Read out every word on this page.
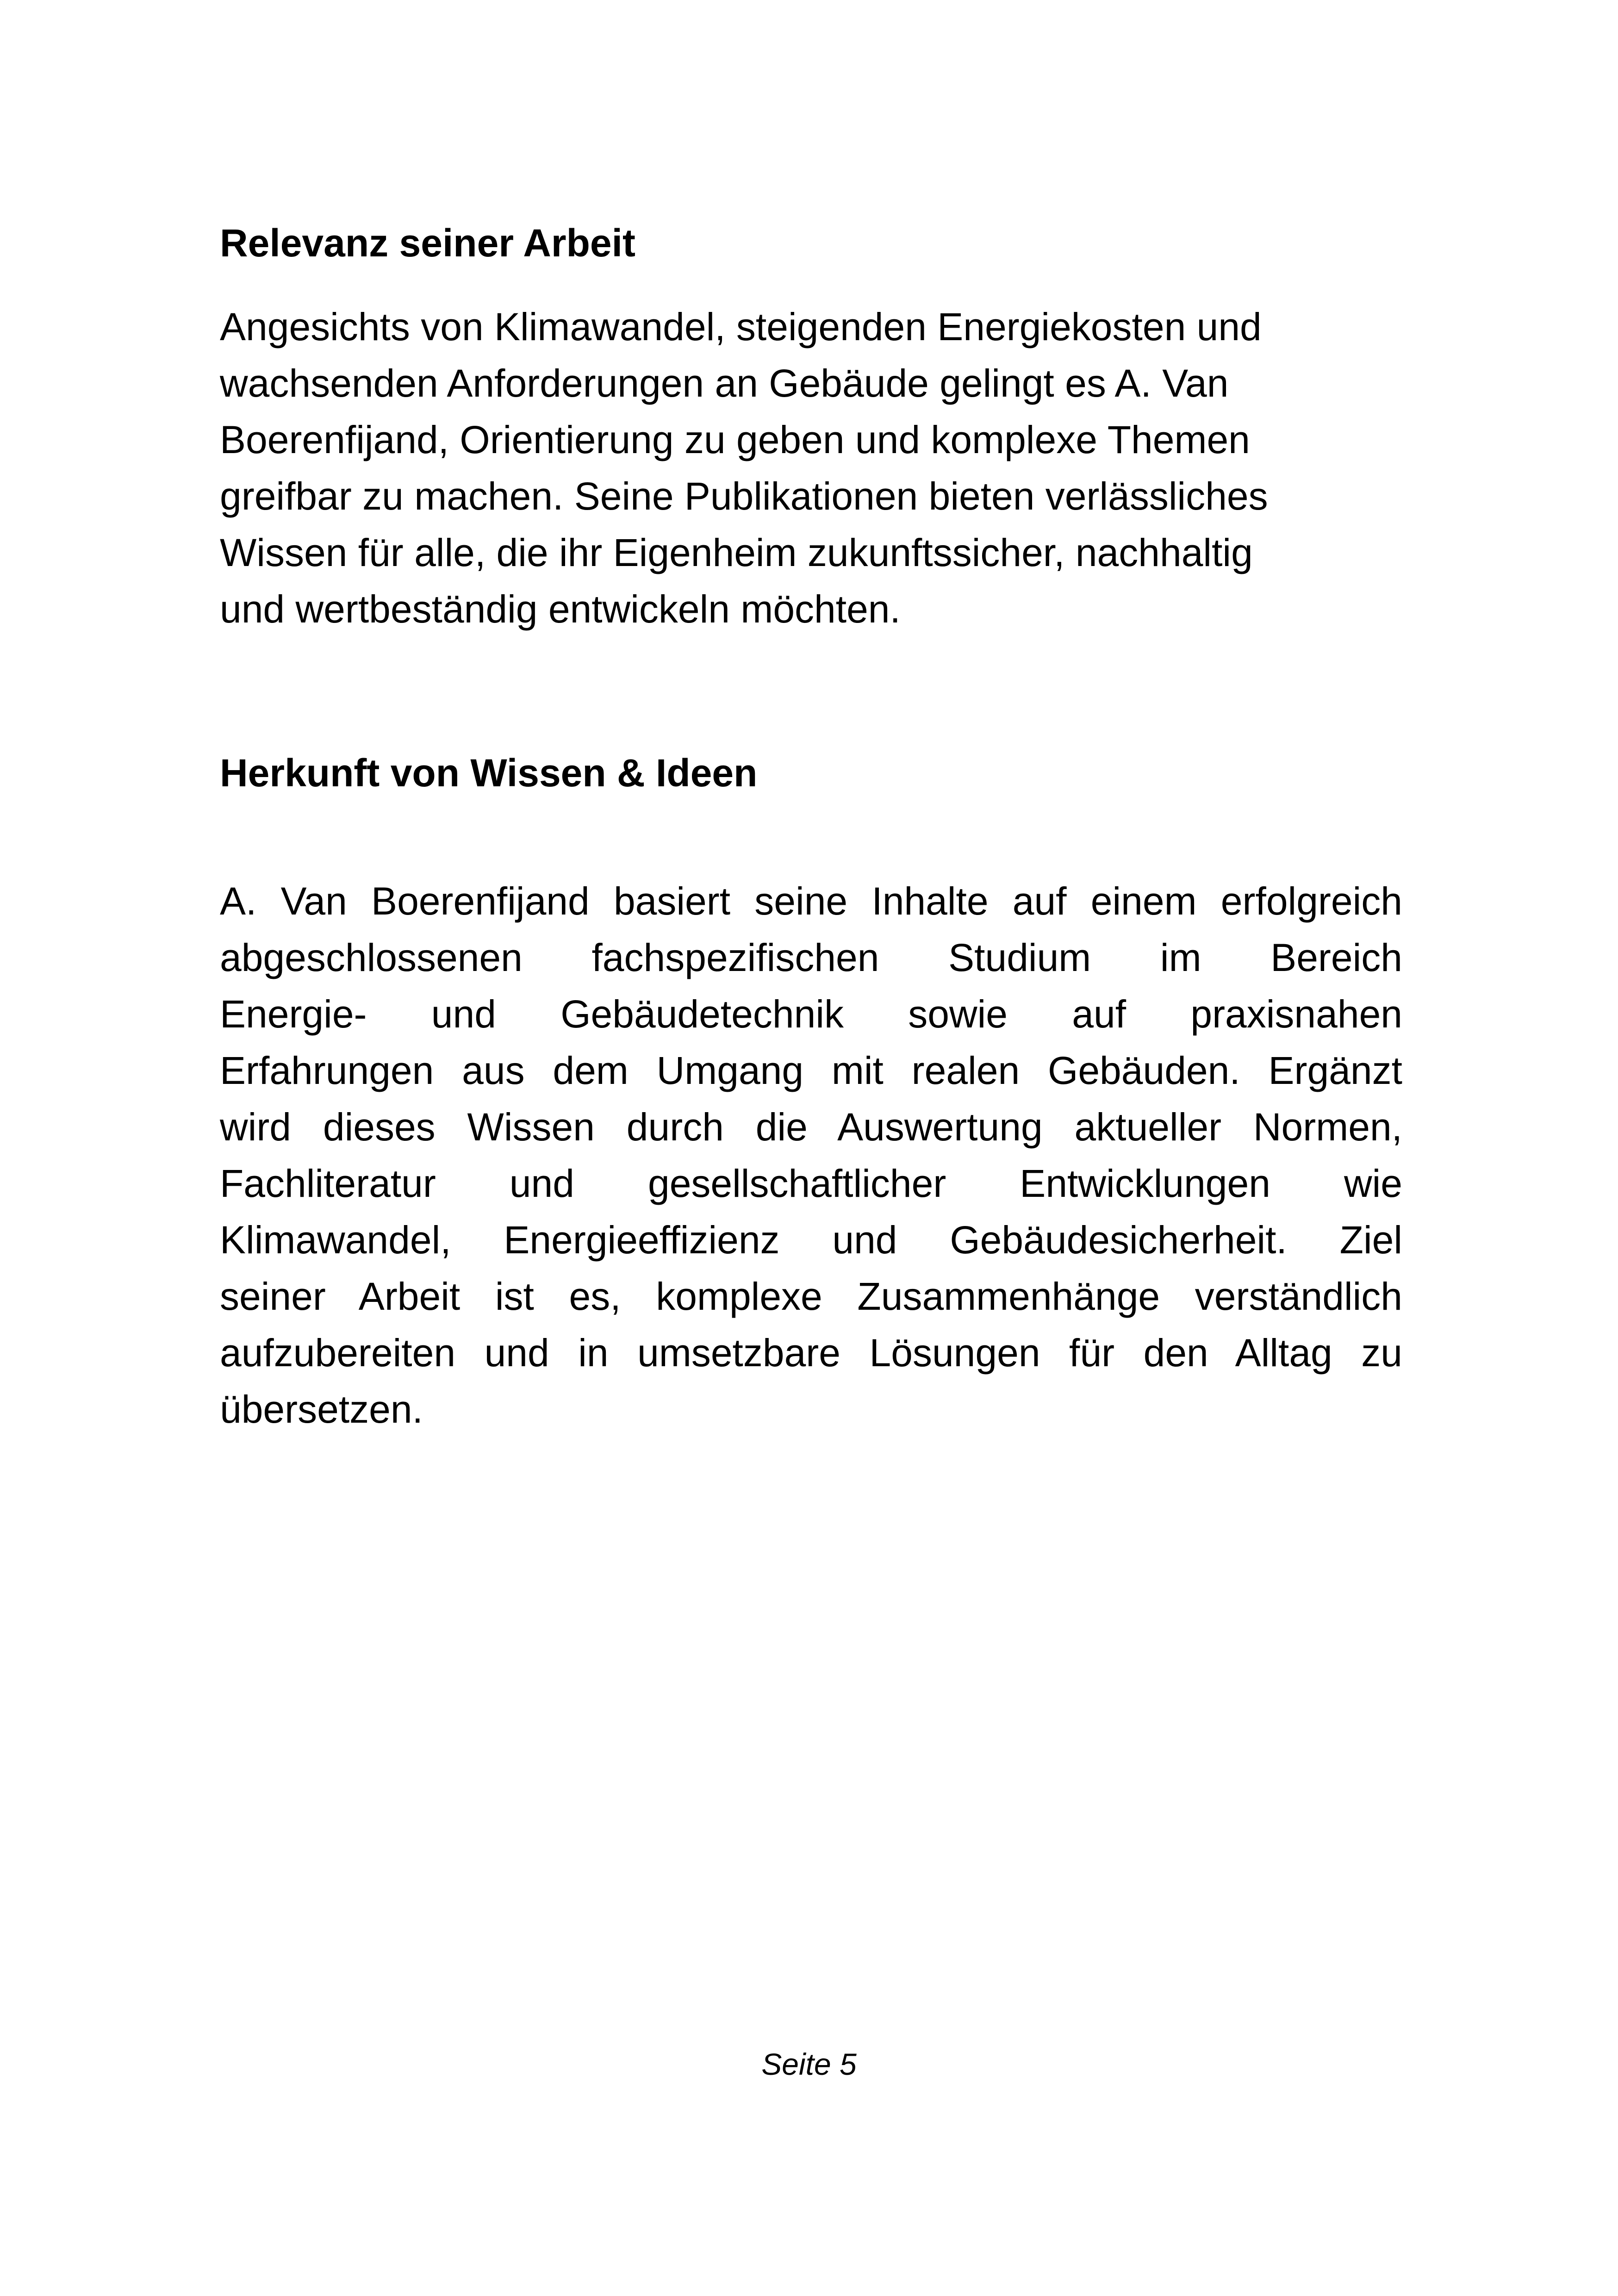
Relevanz seiner Arbeit
Angesichts von Klimawandel, steigenden Energiekosten und
wachsenden Anforderungen an Gebäude gelingt es A. Van
Boerenfijand, Orientierung zu geben und komplexe Themen
greifbar zu machen. Seine Publikationen bieten verlässliches
Wissen für alle, die ihr Eigenheim zukunftssicher, nachhaltig
und wertbeständig entwickeln möchten.
Herkunft von Wissen & Ideen
A. Van Boerenfijand basiert seine Inhalte auf einem erfolgreich
abgeschlossenen fachspezifischen Studium im Bereich
Energie- und Gebäudetechnik sowie auf praxisnahen
Erfahrungen aus dem Umgang mit realen Gebäuden. Ergänzt
wird dieses Wissen durch die Auswertung aktueller Normen,
Fachliteratur und gesellschaftlicher Entwicklungen wie
Klimawandel, Energieeffizienz und Gebäudesicherheit. Ziel
seiner Arbeit ist es, komplexe Zusammenhänge verständlich
aufzubereiten und in umsetzbare Lösungen für den Alltag zu
übersetzen.
Seite 5
